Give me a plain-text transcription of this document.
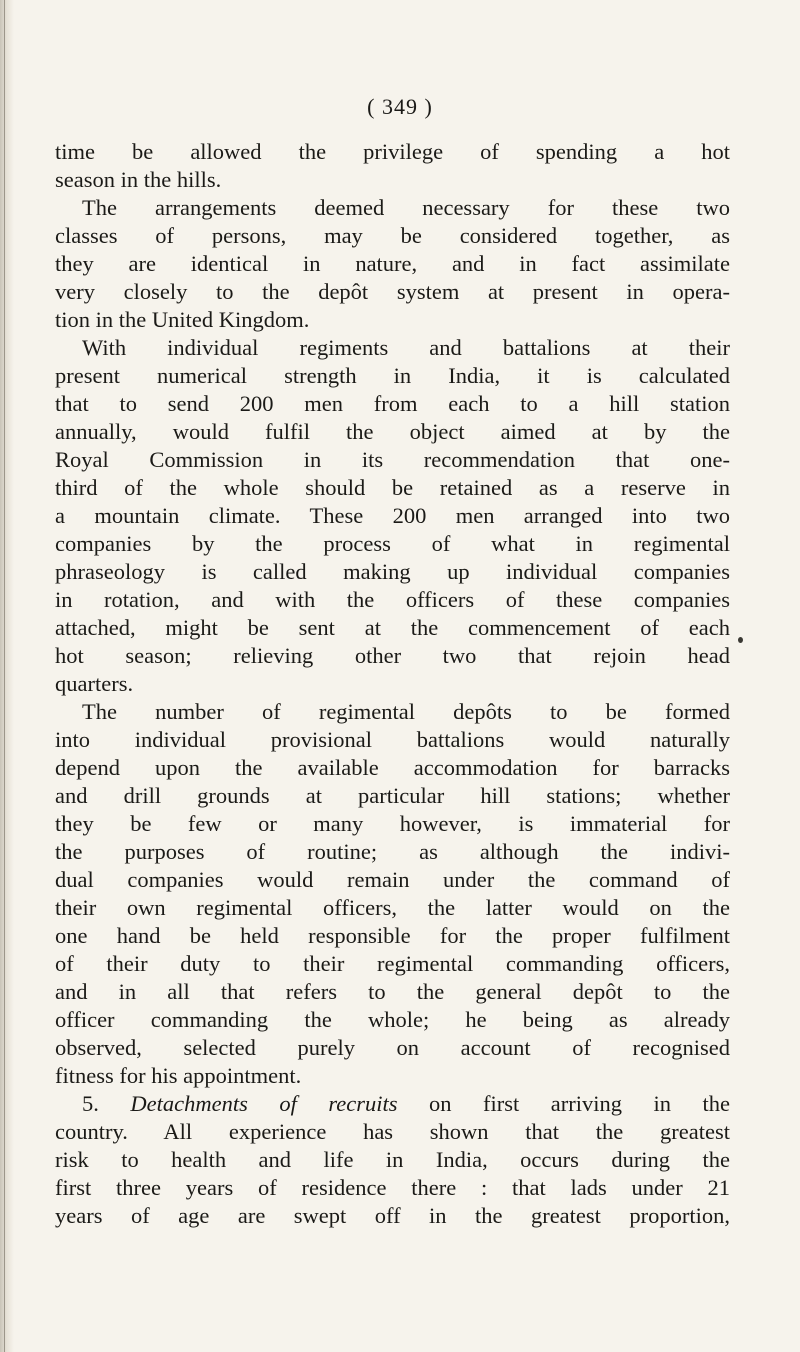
( 349 )
time be allowed the privilege of spending a hot
season in the hills.
The arrangements deemed necessary for these two
classes of persons, may be considered together, as
they are identical in nature, and in fact assimilate
very closely to the depôt system at present in opera-
tion in the United Kingdom.
With individual regiments and battalions at their
present numerical strength in India, it is calculated
that to send 200 men from each to a hill station
annually, would fulfil the object aimed at by the
Royal Commission in its recommendation that one-
third of the whole should be retained as a reserve in
a mountain climate. These 200 men arranged into two
companies by the process of what in regimental
phraseology is called making up individual companies
in rotation, and with the officers of these companies
attached, might be sent at the commencement of each
hot season; relieving other two that rejoin head
quarters.
The number of regimental depôts to be formed
into individual provisional battalions would naturally
depend upon the available accommodation for barracks
and drill grounds at particular hill stations; whether
they be few or many however, is immaterial for
the purposes of routine; as although the indivi-
dual companies would remain under the command of
their own regimental officers, the latter would on the
one hand be held responsible for the proper fulfilment
of their duty to their regimental commanding officers,
and in all that refers to the general depôt to the
officer commanding the whole; he being as already
observed, selected purely on account of recognised
fitness for his appointment.
5. Detachments of recruits on first arriving in the
country. All experience has shown that the greatest
risk to health and life in India, occurs during the
first three years of residence there : that lads under 21
years of age are swept off in the greatest proportion,
